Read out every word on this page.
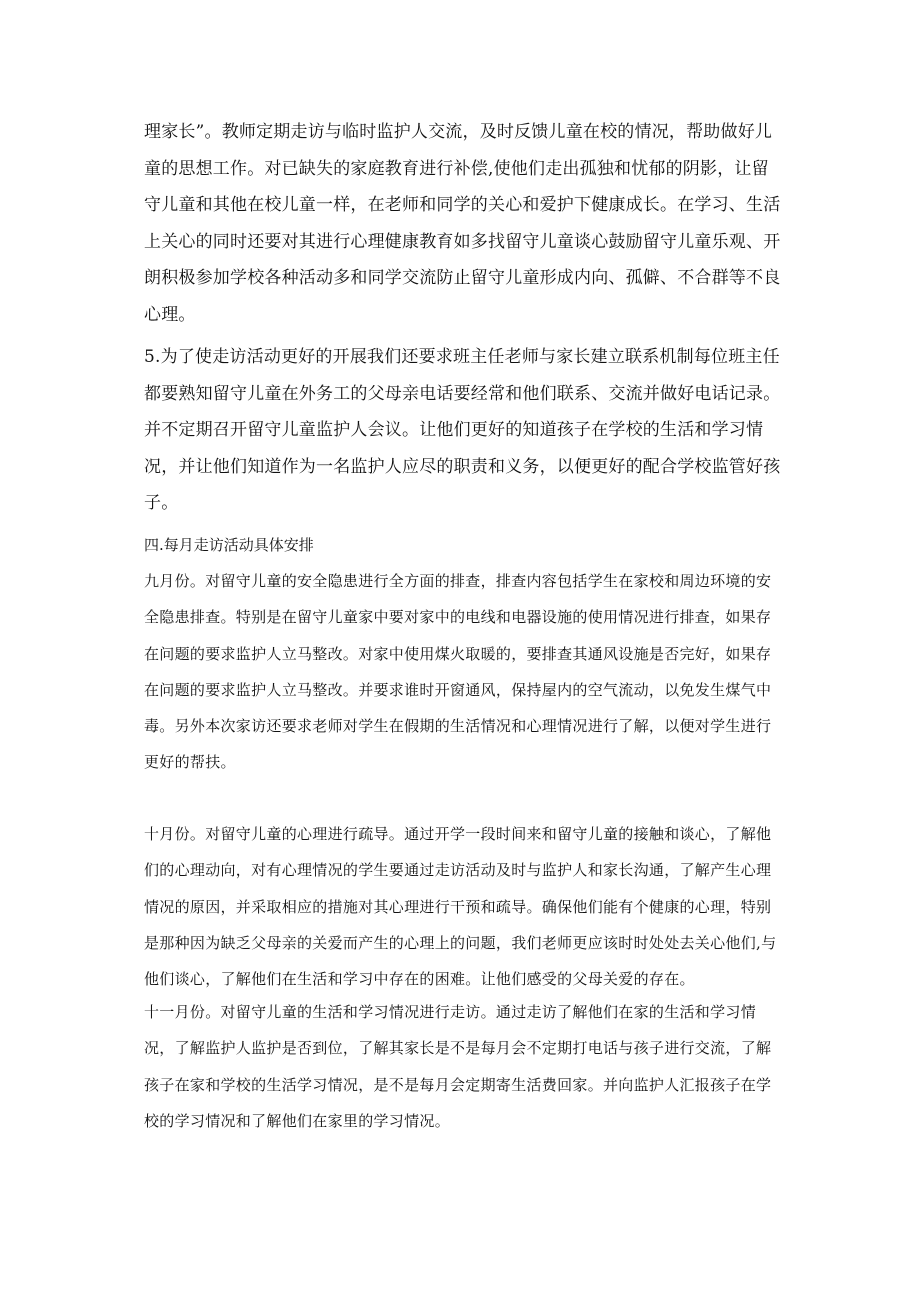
理家长”。教师定期走访与临时监护人交流，及时反馈儿童在校的情况，帮助做好儿童的思想工作。对已缺失的家庭教育进行补偿,使他们走出孤独和忧郁的阴影，让留守儿童和其他在校儿童一样，在老师和同学的关心和爱护下健康成长。在学习、生活上关心的同时还要对其进行心理健康教育如多找留守儿童谈心鼓励留守儿童乐观、开朗积极参加学校各种活动多和同学交流防止留守儿童形成内向、孤僻、不合群等不良心理。

5.为了使走访活动更好的开展我们还要求班主任老师与家长建立联系机制每位班主任都要熟知留守儿童在外务工的父母亲电话要经常和他们联系、交流并做好电话记录。并不定期召开留守儿童监护人会议。让他们更好的知道孩子在学校的生活和学习情况，并让他们知道作为一名监护人应尽的职责和义务，以便更好的配合学校监管好孩子。

四.每月走访活动具体安排

九月份。对留守儿童的安全隐患进行全方面的排查，排查内容包括学生在家校和周边环境的安全隐患排查。特别是在留守儿童家中要对家中的电线和电器设施的使用情况进行排查，如果存在问题的要求监护人立马整改。对家中使用煤火取暖的，要排查其通风设施是否完好，如果存在问题的要求监护人立马整改。并要求谁时开窗通风，保持屋内的空气流动，以免发生煤气中毒。另外本次家访还要求老师对学生在假期的生活情况和心理情况进行了解，以便对学生进行更好的帮扶。

十月份。对留守儿童的心理进行疏导。通过开学一段时间来和留守儿童的接触和谈心，了解他们的心理动向，对有心理情况的学生要通过走访活动及时与监护人和家长沟通，了解产生心理情况的原因，并采取相应的措施对其心理进行干预和疏导。确保他们能有个健康的心理，特别是那种因为缺乏父母亲的关爱而产生的心理上的问题，我们老师更应该时时处处去关心他们,与他们谈心，了解他们在生活和学习中存在的困难。让他们感受的父母关爱的存在。

十一月份。对留守儿童的生活和学习情况进行走访。通过走访了解他们在家的生活和学习情况，了解监护人监护是否到位，了解其家长是不是每月会不定期打电话与孩子进行交流，了解孩子在家和学校的生活学习情况，是不是每月会定期寄生活费回家。并向监护人汇报孩子在学校的学习情况和了解他们在家里的学习情况。
